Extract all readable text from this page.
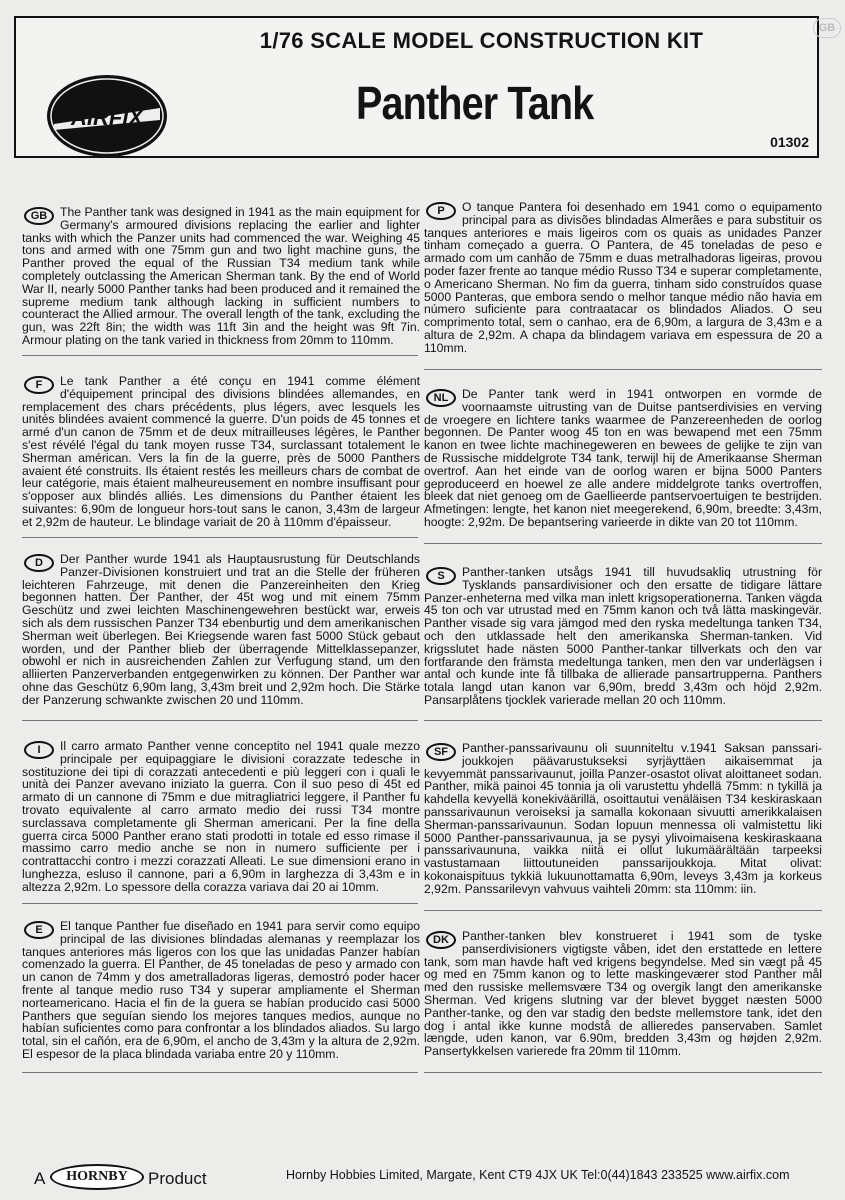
AIRFIX
1/76 SCALE MODEL CONSTRUCTION KIT
Panther Tank
01302
GB
GB	The Panther tank was designed in 1941 as the main equipment for Germany's armoured divisions replacing the earlier and lighter tanks with which the Panzer units had commenced the war. Weighing 45 tons and armed with one 75mm gun and two light machine guns, the Panther proved the equal of the Russian T34 medium tank while completely outclassing the American Sherman tank. By the end of World War II, nearly 5000 Panther tanks had been produced and it remained the supreme medium tank although lacking in sufficient numbers to counteract the Allied armour. The overall length of the tank, excluding the gun, was 22ft 8in; the width was 11ft 3in and the height was 9ft 7in. Armour plating on the tank varied in thickness from 20mm to 110mm.
F	Le tank Panther a été conçu en 1941 comme élément d'équipement principal des divisions blindées allemandes, en remplacement des chars précédents, plus légers, avec lesquels les unités blindées avaient commencé la guerre. D'un poids de 45 tonnes et armé d'un canon de 75mm et de deux mitrailleuses légères, le Panther s'est révélé l'égal du tank moyen russe T34, surclassant totalement le Sherman américan. Vers la fin de la guerre, près de 5000 Panthers avaient été construits. Ils étaient restés les meilleurs chars de combat de leur catégorie, mais étaient malheureusement en nombre insuffisant pour s'opposer aux blindés alliés. Les dimensions du Panther étaient les suivantes: 6,90m de longueur hors-tout sans le canon, 3,43m de largeur et 2,92m de hauteur. Le blindage variait de 20 à 110mm d'épaisseur.
D	Der Panther wurde 1941 als Hauptausrustung für Deutschlands Panzer-Divisionen konstruiert und trat an die Stelle der früheren leichteren Fahrzeuge, mit denen die Panzereinheiten den Krieg begonnen hatten. Der Panther, der 45t wog und mit einem 75mm Geschütz und zwei leichten Maschinengewehren bestückt war, erweis sich als dem russischen Panzer T34 ebenburtig und dem amerikanischen Sherman weit überlegen. Bei Kriegsende waren fast 5000 Stück gebaut worden, und der Panther blieb der überragende Mittelklassepanzer, obwohl er nich in ausreichenden Zahlen zur Verfugung stand, um den alliierten Panzerverbanden entgegenwirken zu können. Der Panther war ohne das Geschütz 6,90m lang, 3,43m breit und 2,92m hoch. Die Stärke der Panzerung schwankte zwischen 20 und 110mm.
I	Il carro armato Panther venne conceptito nel 1941 quale mezzo principale per equipaggiare le divisioni corazzate tedesche in sostituzione dei tipi di corazzati antecedenti e più leggeri con i quali le unità dei Panzer avevano iniziato la guerra. Con il suo peso di 45t ed armato di un cannone di 75mm e due mitragliatrici leggere, il Panther fu trovato equivalente al carro armato medio dei russi T34 montre surclassava completamente gli Sherman americani. Per la fine della guerra circa 5000 Panther erano stati prodotti in totale ed esso rimase il massimo carro medio anche se non in numero sufficiente per i contrattacchi contro i mezzi corazzati Alleati. Le sue dimensioni erano in lunghezza, esluso il cannone, pari a 6,90m in larghezza di 3,43m e in altezza 2,92m. Lo spessore della corazza variava dai 20 ai 10mm.
E	El tanque Panther fue diseñado en 1941 para servir como equipo principal de las divisiones blindadas alemanas y reemplazar los tanques anteriores más ligeros con los que las unidadas Panzer habían comenzado la guerra. El Panther, de 45 toneladas de peso y armado con un canon de 74mm y dos ametralladoras ligeras, demostró poder hacer frente al tanque medio ruso T34 y superar ampliamente el Sherman norteamericano. Hacia el fin de la guera se habían producido casi 5000 Panthers que seguían siendo los mejores tanques medios, aunque no habían suficientes como para confrontar a los blindados aliados. Su largo total, sin el cañón, era de 6,90m, el ancho de 3,43m y la altura de 2,92m. El espesor de la placa blindada variaba entre 20 y 110mm.
P	O tanque Pantera foi desenhado em 1941 como o equipamento principal para as divisões blindadas Almerães e para substituir os tanques anteriores e mais ligeiros com os quais as unidades Panzer tinham começado a guerra. O Pantera, de 45 toneladas de peso e armado com um canhão de 75mm e duas metralhadoras ligeiras, provou poder fazer frente ao tanque médio Russo T34 e superar completamente, o Americano Sherman. No fim da guerra, tinham sido construídos quase 5000 Panteras, que embora sendo o melhor tanque médio não havia em número suficiente para contraatacar os blindados Aliados. O seu comprimento total, sem o canhao, era de 6,90m, a largura de 3,43m e a altura de 2,92m. A chapa da blindagem variava em espessura de 20 a 110mm.
NL	De Panter tank werd in 1941 ontworpen en vormde de voornaamste uitrusting van de Duitse pantserdivisies en verving de vroegere en lichtere tanks waarmee de Panzereenheden de oorlog begonnen. De Panter woog 45 ton en was bewapend met een 75mm kanon en twee lichte machinegeweren en bewees de gelijke te zijn van de Russische middelgrote T34 tank, terwijl hij de Amerikaanse Sherman overtrof. Aan het einde van de oorlog waren er bijna 5000 Panters geproduceerd en hoewel ze alle andere middelgrote tanks overtroffen, bleek dat niet genoeg om de Gaellieerde pantservoertuigen te bestrijden. Afmetingen: lengte, het kanon niet meegerekend, 6,90m, breedte: 3,43m, hoogte: 2,92m. De bepantsering varieerde in dikte van 20 tot 110mm.
S	Panther-tanken utsågs 1941 till huvudsakliq utrustning för Tysklands pansardivisioner och den ersatte de tidigare lättare Panzer-enheterna med vilka man inlett krigsoperationerna. Tanken vägda 45 ton och var utrustad med en 75mm kanon och två lätta maskingevär. Panther visade sig vara jämgod med den ryska medeltunga tanken T34, och den utklassade helt den amerikanska Sherman-tanken. Vid krigsslutet hade nästen 5000 Panther-tankar tillverkats och den var fortfarande den främsta medeltunga tanken, men den var underlägsen i antal och kunde inte få tillbaka de allierade pansartrupperna. Panthers totala langd utan kanon var 6,90m, bredd 3,43m och höjd 2,92m. Pansarplåtens tjocklek varierade mellan 20 och 110mm.
SF	Panther-panssarivaunu oli suunniteltu v.1941 Saksan panssari-joukkojen päävarustukseksi syrjäyttäen aikaisemmat ja kevyemmät panssarivaunut, joilla Panzer-osastot olivat aloittaneet sodan. Panther, mikä painoi 45 tonnia ja oli varustettu yhdellä 75mm: n tykillä ja kahdella kevyellä konekiväärillä, osoittautui venäläisen T34 keskiraskaan panssarivaunun veroiseksi ja samalla kokonaan sivuutti amerikkalaisen Sherman-panssarivaunun. Sodan lopuun mennessa oli valmistettu liki 5000 Panther-panssarivaunua, ja se pysyi ylivoimaisena keskiraskaana panssarivaununa, vaikka niitä ei ollut lukumäärältään tarpeeksi vastustamaan liittoutuneiden panssarijoukkoja. Mitat olivat: kokonaispituus tykkiä lukuunottamatta 6,90m, leveys 3,43m ja korkeus 2,92m. Panssarilevyn vahvuus vaihteli 20mm: sta 110mm: iin.
DK	Panther-tanken blev konstrueret i 1941 som de tyske panserdivisioners vigtigste våben, idet den erstattede en lettere tank, som man havde haft ved krigens begyndelse. Med sin vægt på 45 og med en 75mm kanon og to lette maskingeværer stod Panther mål med den russiske mellemsvære T34 og overgik langt den amerikanske Sherman. Ved krigens slutning var der blevet bygget næsten 5000 Panther-tanke, og den var stadig den bedste mellemstore tank, idet den dog i antal ikke kunne modstå de allieredes panservaben. Samlet længde, uden kanon, var 6.90m, bredden 3,43m og højden 2,92m. Pansertykkelsen varierede fra 20mm til 110mm.
A	HORNBY	Product	Hornby Hobbies Limited, Margate, Kent CT9 4JX UK Tel:0(44)1843 233525 www.airfix.com
